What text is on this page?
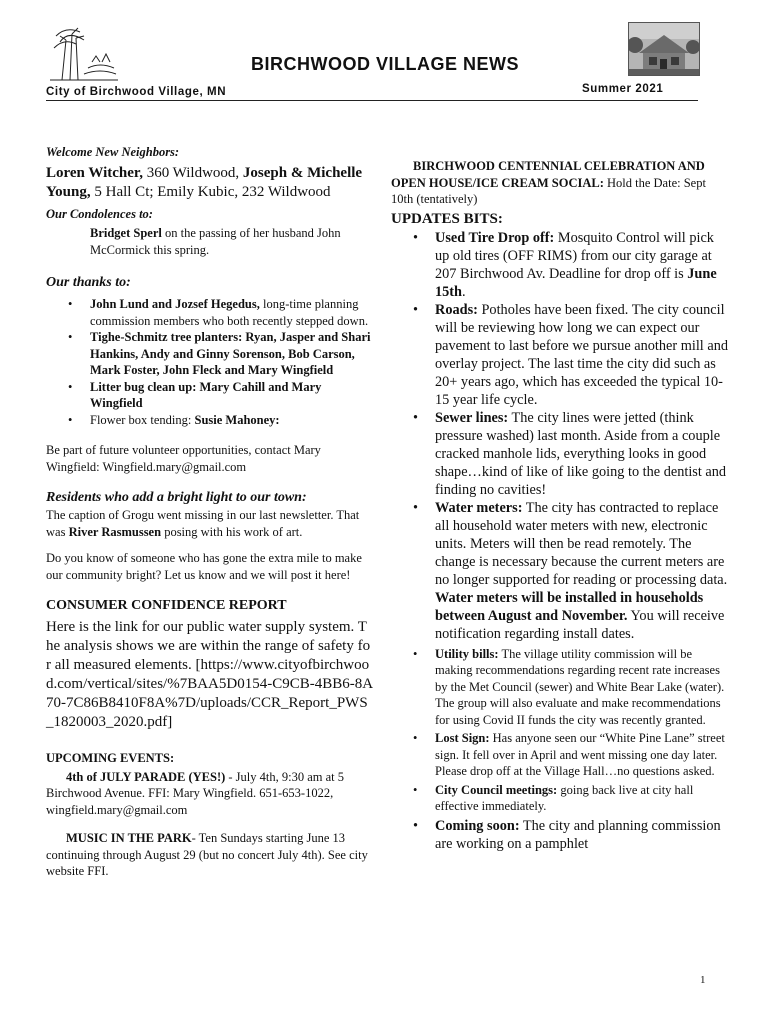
BIRCHWOOD VILLAGE NEWS
City of Birchwood Village, MN	Summer 2021

Welcome New Neighbors:

Loren Witcher, 360 Wildwood, Joseph & Michelle Young, 5 Hall Ct; Emily Kubic, 232 Wildwood

Our Condolences to:

Bridget Sperl on the passing of her husband John McCormick this spring.

Our thanks to:

• John Lund and Jozsef Hegedus, long-time planning commission members who both recently stepped down.
• Tighe-Schmitz tree planters: Ryan, Jasper and Shari Hankins, Andy and Ginny Sorenson, Bob Carson, Mark Foster, John Fleck and Mary Wingfield
• Litter bug clean up: Mary Cahill and Mary Wingfield
• Flower box tending: Susie Mahoney:

Be part of future volunteer opportunities, contact Mary Wingfield: Wingfield.mary@gmail.com

Residents who add a bright light to our town:

The caption of Grogu went missing in our last newsletter. That was River Rasmussen posing with his work of art.

Do you know of someone who has gone the extra mile to make our community bright? Let us know and we will post it here!

CONSUMER CONFIDENCE REPORT

Here is the link for our public water supply system. The analysis shows we are within the range of safety for all measured elements. [https://www.cityofbirchwood.com/vertical/sites/%7BAA5D0154-C9CB-4BB6-8A70-7C86B8410F8A%7D/uploads/CCR_Report_PWS_1820003_2020.pdf]

UPCOMING EVENTS:

4th of JULY PARADE (YES!) - July 4th, 9:30 am at 5 Birchwood Avenue. FFI: Mary Wingfield. 651-653-1022, wingfield.mary@gmail.com

MUSIC IN THE PARK- Ten Sundays starting June 13 continuing through August 29 (but no concert July 4th). See city website FFI.

BIRCHWOOD CENTENNIAL CELEBRATION AND OPEN HOUSE/ICE CREAM SOCIAL: Hold the Date: Sept 10th (tentatively)

UPDATES BITS:

• Used Tire Drop off: Mosquito Control will pick up old tires (OFF RIMS) from our city garage at 207 Birchwood Av. Deadline for drop off is June 15th.
• Roads: Potholes have been fixed. The city council will be reviewing how long we can expect our pavement to last before we pursue another mill and overlay project. The last time the city did such as 20+ years ago, which has exceeded the typical 10-15 year life cycle.
• Sewer lines: The city lines were jetted (think pressure washed) last month. Aside from a couple cracked manhole lids, everything looks in good shape…kind of like of like going to the dentist and finding no cavities!
• Water meters: The city has contracted to replace all household water meters with new, electronic units. Meters will then be read remotely. The change is necessary because the current meters are no longer supported for reading or processing data.
Water meters will be installed in households between August and November. You will receive notification regarding install dates.
• Utility bills: The village utility commission will be making recommendations regarding recent rate increases by the Met Council (sewer) and White Bear Lake (water). The group will also evaluate and make recommendations for using Covid II funds the city was recently granted.
• Lost Sign: Has anyone seen our “White Pine Lane” street sign. It fell over in April and went missing one day later. Please drop off at the Village Hall…no questions asked.
• City Council meetings: going back live at city hall effective immediately.
• Coming soon: The city and planning commission are working on a pamphlet
1
